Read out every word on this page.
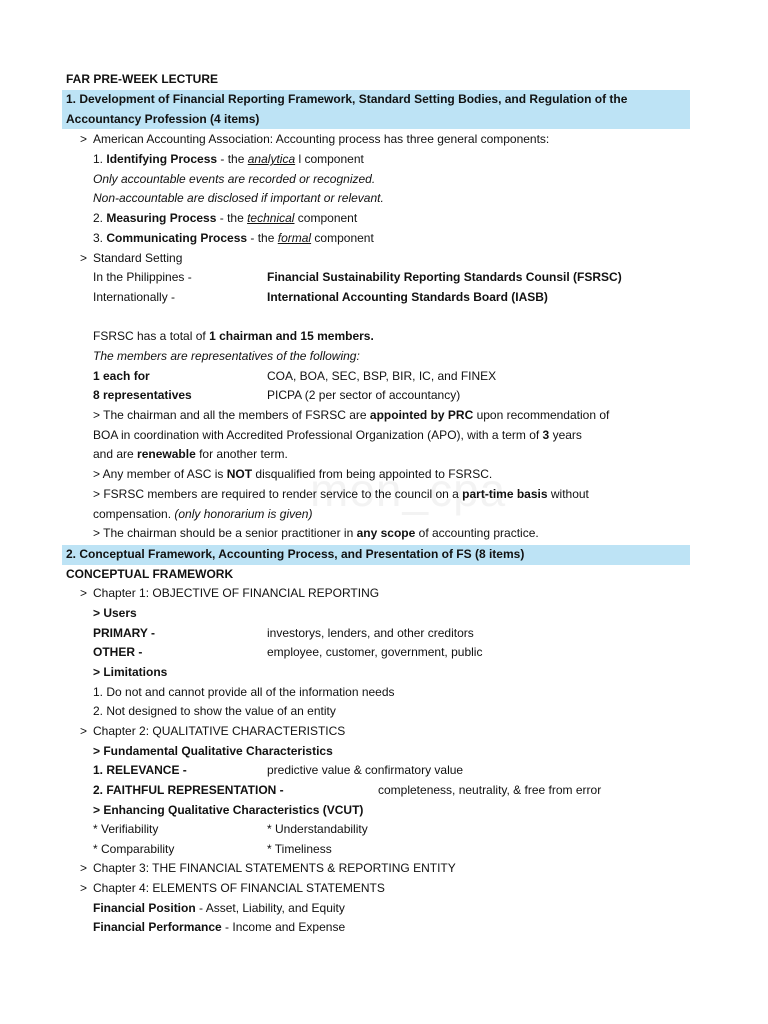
FAR PRE-WEEK LECTURE
1. Development of Financial Reporting Framework, Standard Setting Bodies, and Regulation of the
Accountancy Profession (4 items)
> American Accounting Association: Accounting process has three general components:
1. Identifying Process - the analytica l component
Only accountable events are recorded or recognized.
Non-accountable are disclosed if important or relevant.
2. Measuring Process - the technical component
3. Communicating Process - the formal component
> Standard Setting
In the Philippines -	Financial Sustainability Reporting Standards Counsil (FSRSC)
Internationally -	International Accounting Standards Board (IASB)
FSRSC has a total of 1 chairman and 15 members.
The members are representatives of the following:
1 each for	COA, BOA, SEC, BSP, BIR, IC, and FINEX
8 representatives	PICPA (2 per sector of accountancy)
> The chairman and all the members of FSRSC are appointed by PRC upon recommendation of
BOA in coordination with Accredited Professional Organization (APO), with a term of 3 years
and are renewable for another term.
> Any member of ASC is NOT disqualified from being appointed to FSRSC.
> FSRSC members are required to render service to the council on a part-time basis without
compensation. (only honorarium is given)
> The chairman should be a senior practitioner in any scope of accounting practice.
2. Conceptual Framework, Accounting Process, and Presentation of FS (8 items)
CONCEPTUAL FRAMEWORK
> Chapter 1: OBJECTIVE OF FINANCIAL REPORTING
> Users
PRIMARY -	investorys, lenders, and other creditors
OTHER -	employee, customer, government, public
> Limitations
1. Do not and cannot provide all of the information needs
2. Not designed to show the value of an entity
> Chapter 2: QUALITATIVE CHARACTERISTICS
> Fundamental Qualitative Characteristics
1. RELEVANCE -	predictive value & confirmatory value
2. FAITHFUL REPRESENTATION -	completeness, neutrality, & free from error
> Enhancing Qualitative Characteristics (VCUT)
* Verifiability	* Understandability
* Comparability	* Timeliness
> Chapter 3: THE FINANCIAL STATEMENTS & REPORTING ENTITY
> Chapter 4: ELEMENTS OF FINANCIAL STATEMENTS
Financial Position - Asset, Liability, and Equity
Financial Performance - Income and Expense
